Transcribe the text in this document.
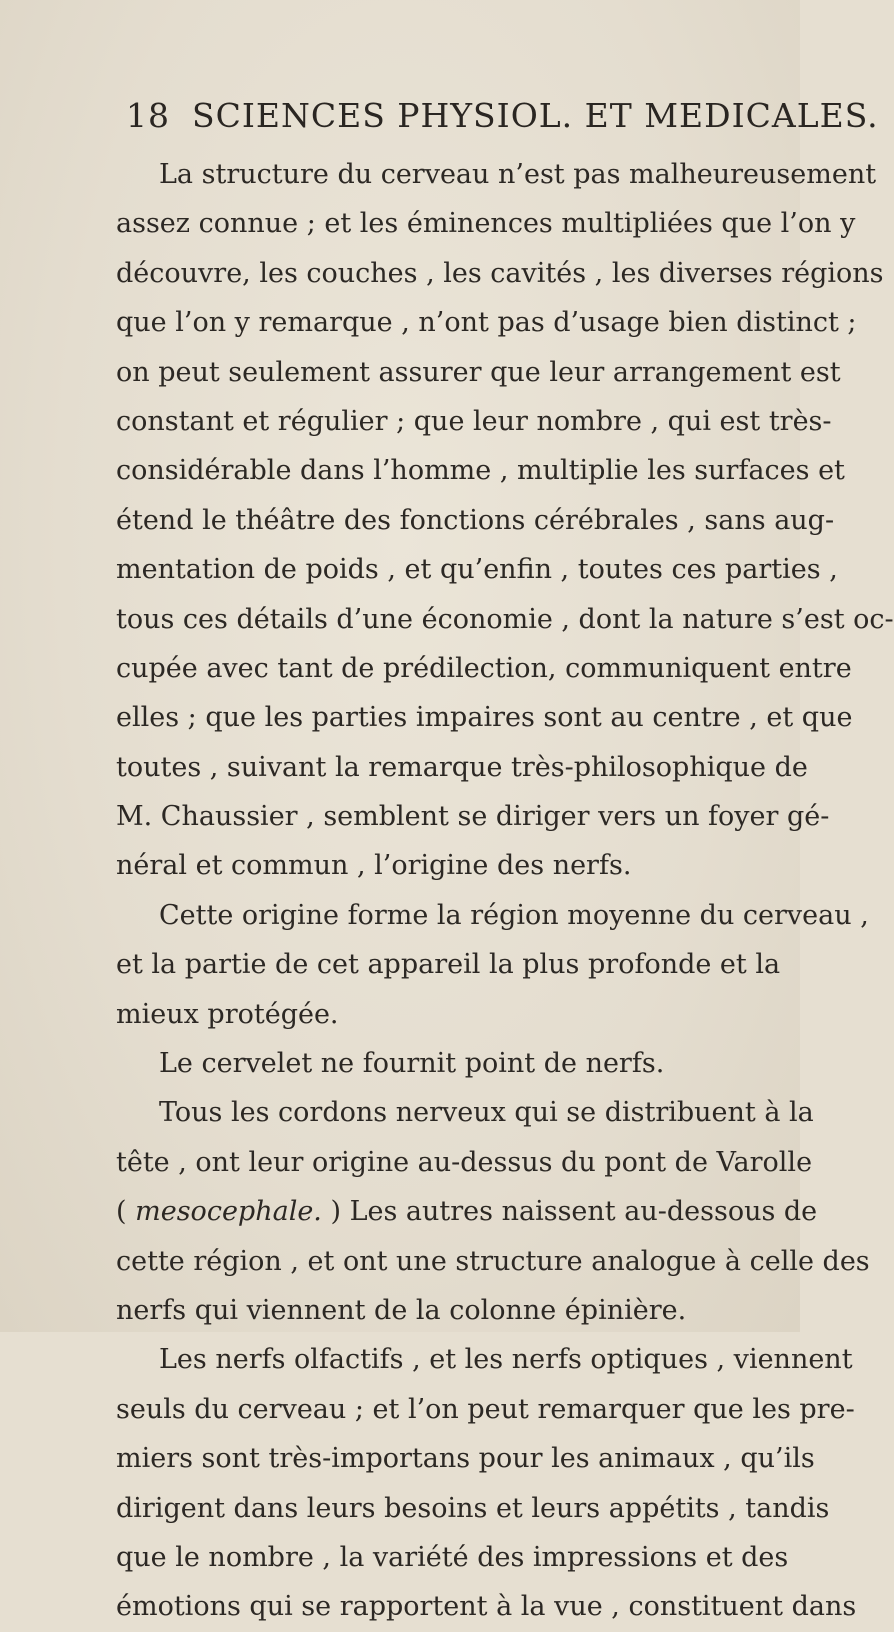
18 SCIENCES PHYSIOL. ET MEDICALES.
La structure du cerveau n’est pas malheureusement
assez connue ; et les éminences multipliées que l’on y
découvre, les couches , les cavités , les diverses régions
que l’on y remarque , n’ont pas d’usage bien distinct ;
on peut seulement assurer que leur arrangement est
constant et régulier ; que leur nombre , qui est très-
considérable dans l’homme , multiplie les surfaces et
étend le théâtre des fonctions cérébrales , sans aug-
mentation de poids , et qu’enfin , toutes ces parties ,
tous ces détails d’une économie , dont la nature s’est oc-
cupée avec tant de prédilection, communiquent entre
elles ; que les parties impaires sont au centre , et que
toutes , suivant la remarque très-philosophique de
M. Chaussier , semblent se diriger vers un foyer gé-
néral et commun , l’origine des nerfs.
Cette origine forme la région moyenne du cerveau ,
et la partie de cet appareil la plus profonde et la
mieux protégée.
Le cervelet ne fournit point de nerfs.
Tous les cordons nerveux qui se distribuent à la
tête , ont leur origine au-dessus du pont de Varolle
( mesocephale. ) Les autres naissent au-dessous de
cette région , et ont une structure analogue à celle des
nerfs qui viennent de la colonne épinière.
Les nerfs olfactifs , et les nerfs optiques , viennent
seuls du cerveau ; et l’on peut remarquer que les pre-
miers sont très-importans pour les animaux , qu’ils
dirigent dans leurs besoins et leurs appétits , tandis
que le nombre , la variété des impressions et des
émotions qui se rapportent à la vue , constituent dans
